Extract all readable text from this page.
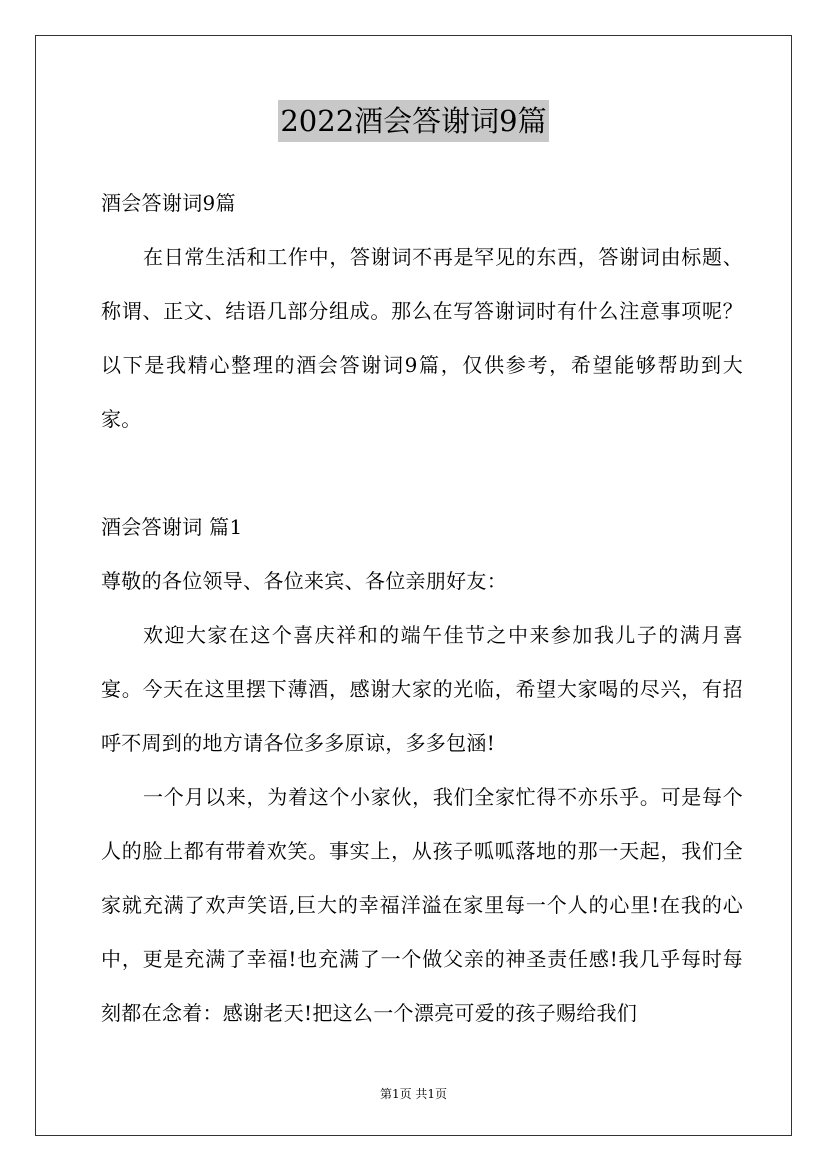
2022酒会答谢词9篇

酒会答谢词9篇

在日常生活和工作中，答谢词不再是罕见的东西，答谢词由标题、称谓、正文、结语几部分组成。那么在写答谢词时有什么注意事项呢？以下是我精心整理的酒会答谢词9篇，仅供参考，希望能够帮助到大家。

酒会答谢词 篇1

尊敬的各位领导、各位来宾、各位亲朋好友：

欢迎大家在这个喜庆祥和的端午佳节之中来参加我儿子的满月喜宴。今天在这里摆下薄酒，感谢大家的光临，希望大家喝的尽兴，有招呼不周到的地方请各位多多原谅，多多包涵!

一个月以来，为着这个小家伙，我们全家忙得不亦乐乎。可是每个人的脸上都有带着欢笑。事实上，从孩子呱呱落地的那一天起，我们全家就充满了欢声笑语,巨大的幸福洋溢在家里每一个人的心里!在我的心中，更是充满了幸福!也充满了一个做父亲的神圣责任感!我几乎每时每刻都在念着：感谢老天!把这么一个漂亮可爱的孩子赐给我们

第1页 共1页
